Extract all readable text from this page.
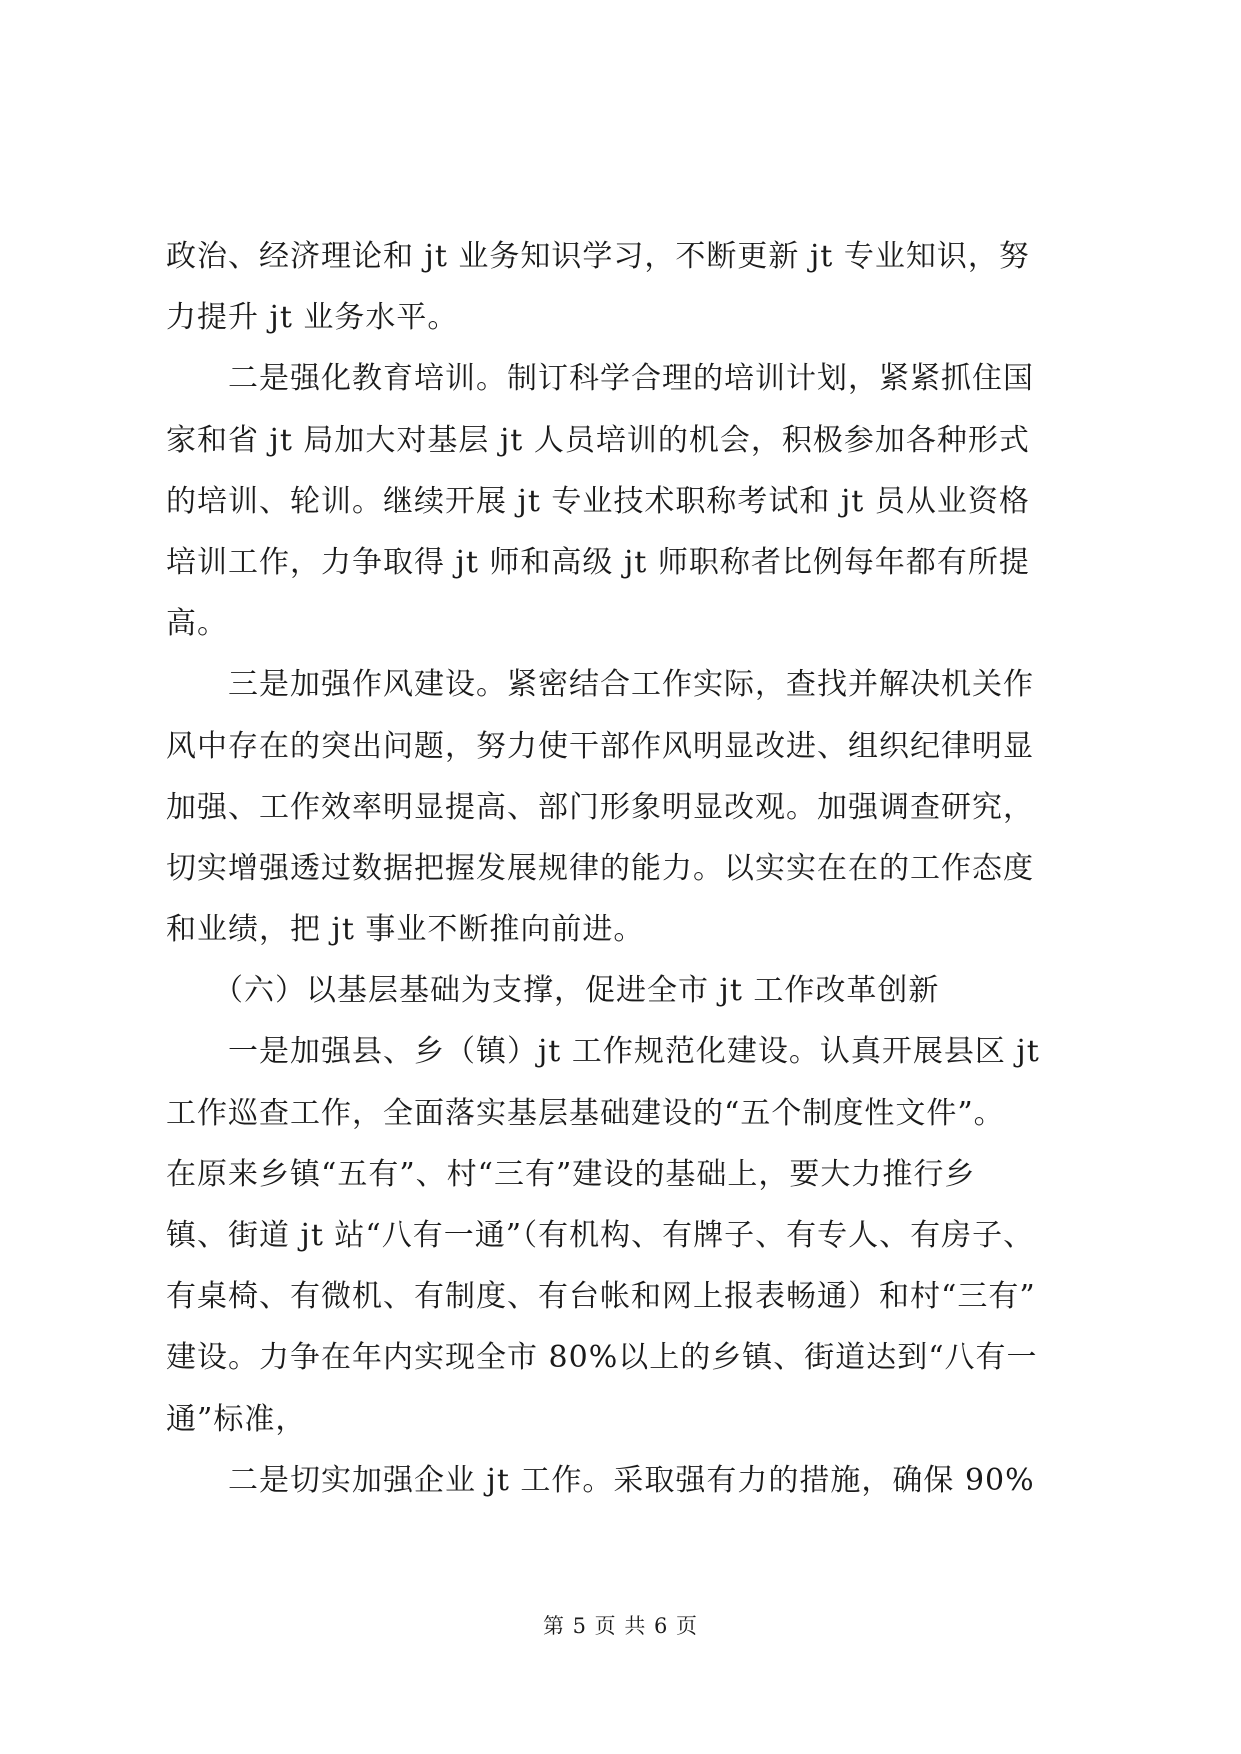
政治、经济理论和 jt 业务知识学习，不断更新 jt 专业知识，努
力提升 jt 业务水平。
　　二是强化教育培训。制订科学合理的培训计划，紧紧抓住国
家和省 jt 局加大对基层 jt 人员培训的机会，积极参加各种形式
的培训、轮训。继续开展 jt 专业技术职称考试和 jt 员从业资格
培训工作，力争取得 jt 师和高级 jt 师职称者比例每年都有所提
高。
　　三是加强作风建设。紧密结合工作实际，查找并解决机关作
风中存在的突出问题，努力使干部作风明显改进、组织纪律明显
加强、工作效率明显提高、部门形象明显改观。加强调查研究，
切实增强透过数据把握发展规律的能力。以实实在在的工作态度
和业绩，把 jt 事业不断推向前进。
　　（六）以基层基础为支撑，促进全市 jt 工作改革创新
　　一是加强县、乡（镇）jt 工作规范化建设。认真开展县区 jt
工作巡查工作，全面落实基层基础建设的“五个制度性文件”。
在原来乡镇“五有”、村“三有”建设的基础上，要大力推行乡
镇、街道 jt 站“八有一通”（有机构、有牌子、有专人、有房子、
有桌椅、有微机、有制度、有台帐和网上报表畅通）和村“三有”
建设。力争在年内实现全市 80%以上的乡镇、街道达到“八有一
通”标准，
　　二是切实加强企业 jt 工作。采取强有力的措施，确保 90%
第 5 页 共 6 页
